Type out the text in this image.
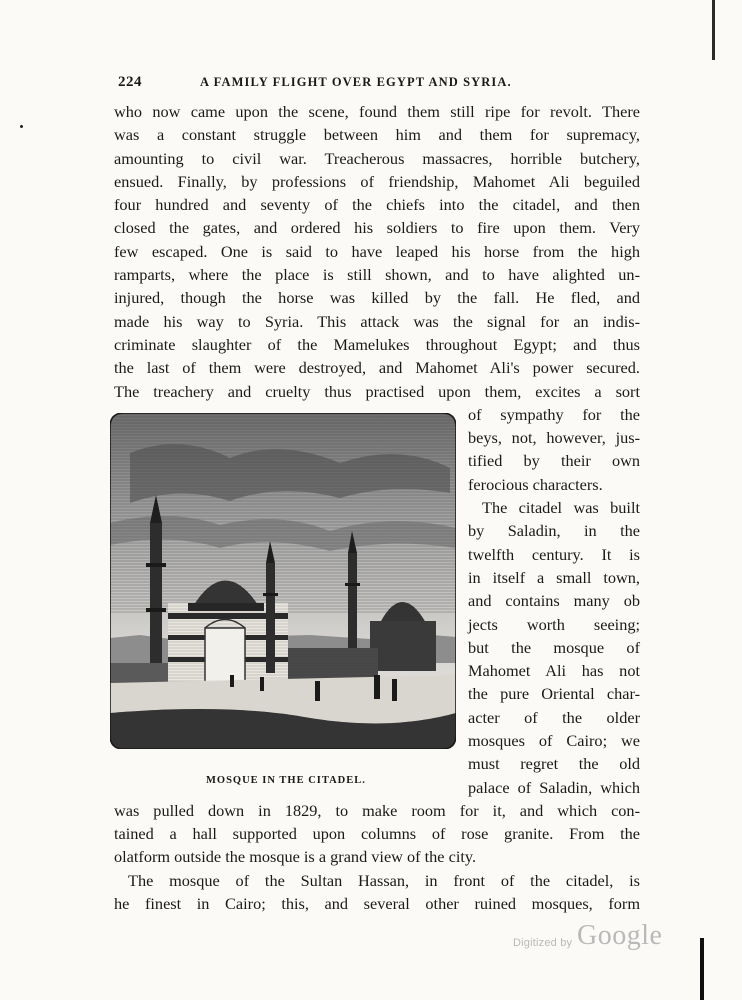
224	A FAMILY FLIGHT OVER EGYPT AND SYRIA.
who now came upon the scene, found them still ripe for revolt. There
was a constant struggle between him and them for supremacy,
amounting to civil war. Treacherous massacres, horrible butchery,
ensued. Finally, by professions of friendship, Mahomet Ali beguiled
four hundred and seventy of the chiefs into the citadel, and then
closed the gates, and ordered his soldiers to fire upon them. Very
few escaped. One is said to have leaped his horse from the high
ramparts, where the place is still shown, and to have alighted un-
injured, though the horse was killed by the fall. He fled, and
made his way to Syria. This attack was the signal for an indis-
criminate slaughter of the Mamelukes throughout Egypt; and thus
the last of them were destroyed, and Mahomet Ali's power secured.
The treachery and cruelty thus practised upon them, excites a sort
MOSQUE IN THE CITADEL.
of sympathy for the
beys, not, however, jus-
tified by their own
ferocious characters.
The citadel was built
by Saladin, in the
twelfth century. It is
in itself a small town,
and contains many ob
jects worth seeing;
but the mosque of
Mahomet Ali has not
the pure Oriental char-
acter of the older
mosques of Cairo; we
must regret the old
palace of Saladin, which
was pulled down in 1829, to make room for it, and which con-
tained a hall supported upon columns of rose granite. From the
olatform outside the mosque is a grand view of the city.
The mosque of the Sultan Hassan, in front of the citadel, is
he finest in Cairo; this, and several other ruined mosques, form
Digitized by Google
